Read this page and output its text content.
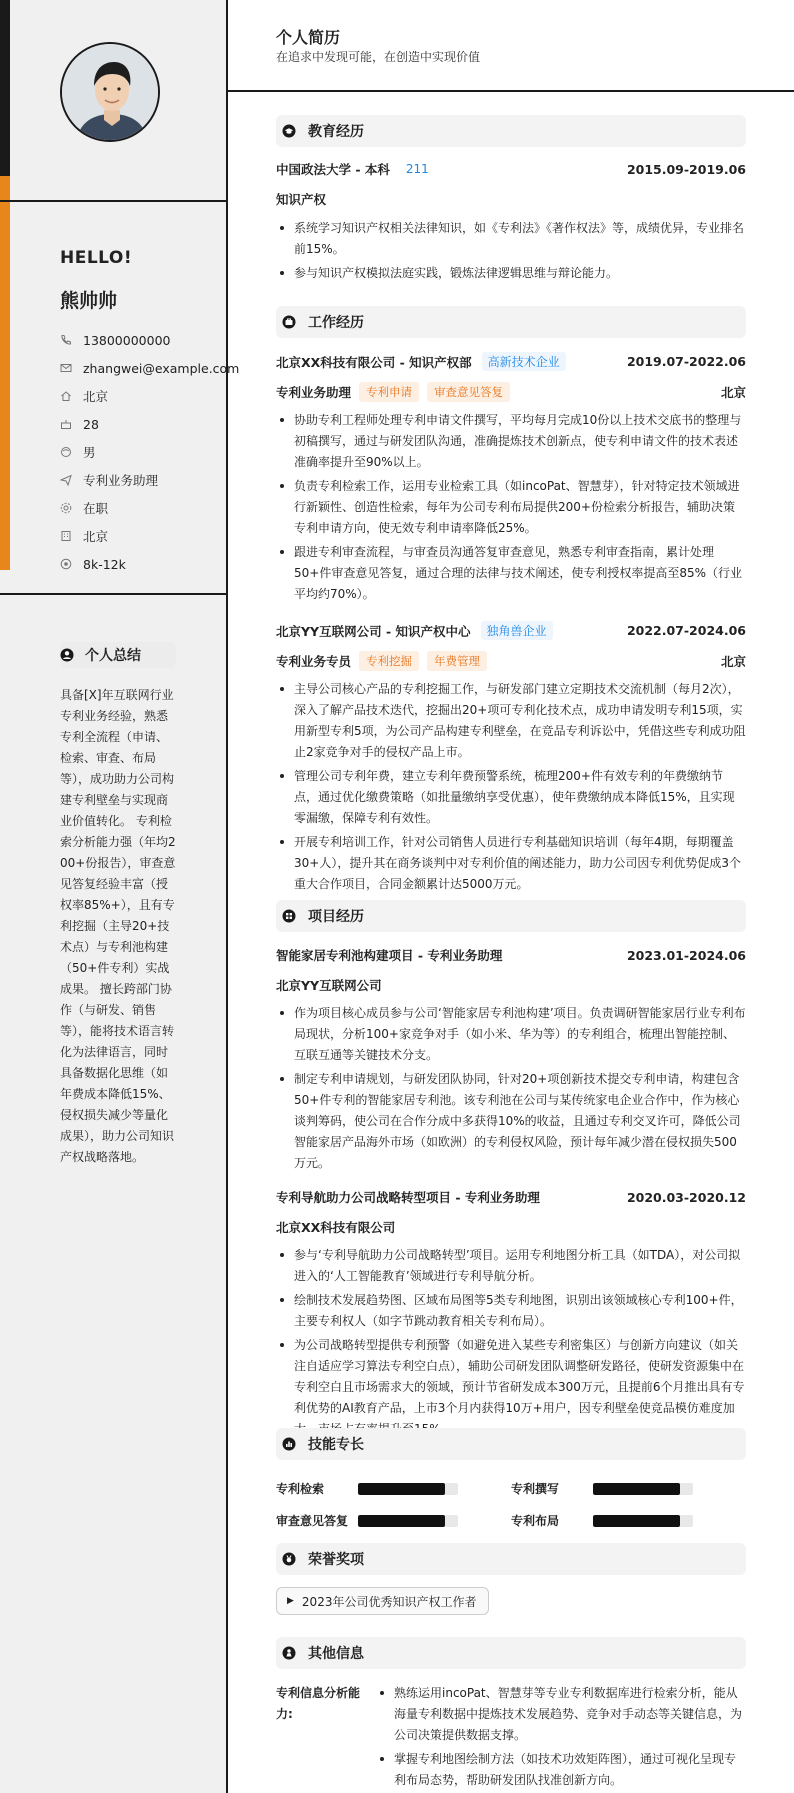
HELLO!
熊帅帅
13800000000
zhangwei@example.com
北京
28
男
专利业务助理
在职
北京
8k-12k
个人总结
具备[X]年互联网行业专利业务经验，熟悉专利全流程（申请、检索、审查、布局等），成功助力公司构建专利壁垒与实现商业价值转化。 专利检索分析能力强（年均200+份报告），审查意见答复经验丰富（授权率85%+），且有专利挖掘（主导20+技术点）与专利池构建（50+件专利）实战成果。 擅长跨部门协作（与研发、销售等），能将技术语言转化为法律语言，同时具备数据化思维（如年费成本降低15%、侵权损失减少等量化成果），助力公司知识产权战略落地。
个人简历
在追求中发现可能，在创造中实现价值
教育经历
中国政法大学 - 本科	211	2015.09-2019.06
知识产权
系统学习知识产权相关法律知识，如《专利法》《著作权法》等，成绩优异，专业排名前15%。
参与知识产权模拟法庭实践，锻炼法律逻辑思维与辩论能力。
工作经历
北京XX科技有限公司 - 知识产权部	高新技术企业	2019.07-2022.06
专利业务助理	专利申请	审查意见答复	北京
协助专利工程师处理专利申请文件撰写，平均每月完成10份以上技术交底书的整理与初稿撰写，通过与研发团队沟通，准确提炼技术创新点，使专利申请文件的技术表述准确率提升至90%以上。
负责专利检索工作，运用专业检索工具（如incoPat、智慧芽），针对特定技术领域进行新颖性、创造性检索，每年为公司专利布局提供200+份检索分析报告，辅助决策专利申请方向，使无效专利申请率降低25%。
跟进专利审查流程，与审查员沟通答复审查意见，熟悉专利审查指南，累计处理50+件审查意见答复，通过合理的法律与技术阐述，使专利授权率提高至85%（行业平均约70%）。
北京YY互联网公司 - 知识产权中心	独角兽企业	2022.07-2024.06
专利业务专员	专利挖掘	年费管理	北京
主导公司核心产品的专利挖掘工作，与研发部门建立定期技术交流机制（每月2次），深入了解产品技术迭代，挖掘出20+项可专利化技术点，成功申请发明专利15项，实用新型专利5项，为公司产品构建专利壁垒，在竞品专利诉讼中，凭借这些专利成功阻止2家竞争对手的侵权产品上市。
管理公司专利年费，建立专利年费预警系统，梳理200+件有效专利的年费缴纳节点，通过优化缴费策略（如批量缴纳享受优惠），使年费缴纳成本降低15%，且实现零漏缴，保障专利有效性。
开展专利培训工作，针对公司销售人员进行专利基础知识培训（每年4期，每期覆盖30+人），提升其在商务谈判中对专利价值的阐述能力，助力公司因专利优势促成3个重大合作项目，合同金额累计达5000万元。
项目经历
智能家居专利池构建项目 - 专利业务助理	2023.01-2024.06
北京YY互联网公司
作为项目核心成员参与公司‘智能家居专利池构建’项目。负责调研智能家居行业专利布局现状，分析100+家竞争对手（如小米、华为等）的专利组合，梳理出智能控制、互联互通等关键技术分支。
制定专利申请规划，与研发团队协同，针对20+项创新技术提交专利申请，构建包含50+件专利的智能家居专利池。该专利池在公司与某传统家电企业合作中，作为核心谈判筹码，使公司在合作分成中多获得10%的收益，且通过专利交叉许可，降低公司智能家居产品海外市场（如欧洲）的专利侵权风险，预计每年减少潜在侵权损失500万元。
专利导航助力公司战略转型项目 - 专利业务助理	2020.03-2020.12
北京XX科技有限公司
参与‘专利导航助力公司战略转型’项目。运用专利地图分析工具（如TDA），对公司拟进入的‘人工智能教育’领域进行专利导航分析。
绘制技术发展趋势图、区域布局图等5类专利地图，识别出该领域核心专利100+件，主要专利权人（如字节跳动教育相关专利布局）。
为公司战略转型提供专利预警（如避免进入某些专利密集区）与创新方向建议（如关注自适应学习算法专利空白点），辅助公司研发团队调整研发路径，使研发资源集中在专利空白且市场需求大的领域，预计节省研发成本300万元，且提前6个月推出具有专利优势的AI教育产品，上市3个月内获得10万+用户，因专利壁垒使竞品模仿难度加
技能专长
专利检索	专利撰写
审查意见答复	专利布局
荣誉奖项
▶ 2023年公司优秀知识产权工作者
其他信息
专利信息分析能力:
熟练运用incoPat、智慧芽等专业专利数据库进行检索分析，能从海量专利数据中提炼技术发展趋势、竞争对手动态等关键信息，为公司决策提供数据支撑。
掌握专利地图绘制方法（如技术功效矩阵图），通过可视化呈现专利布局态势，帮助研发团队找准创新方向。
